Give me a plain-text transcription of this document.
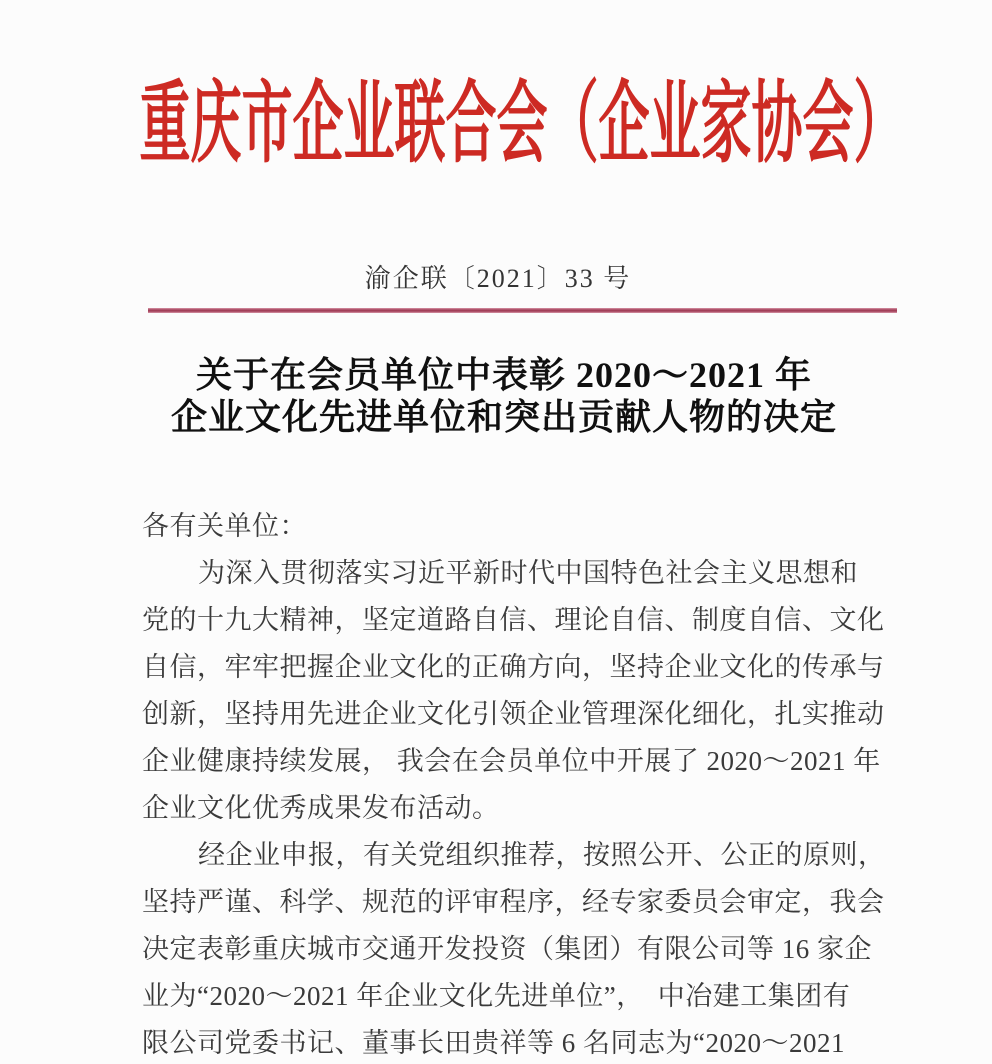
重庆市企业联合会（企业家协会）
渝企联〔2021〕33 号
关于在会员单位中表彰 2020～2021 年
企业文化先进单位和突出贡献人物的决定
各有关单位：
为深入贯彻落实习近平新时代中国特色社会主义思想和
党的十九大精神，坚定道路自信、理论自信、制度自信、文化
自信，牢牢把握企业文化的正确方向，坚持企业文化的传承与
创新，坚持用先进企业文化引领企业管理深化细化，扎实推动
企业健康持续发展， 我会在会员单位中开展了 2020～2021 年
企业文化优秀成果发布活动。
经企业申报，有关党组织推荐，按照公开、公正的原则，
坚持严谨、科学、规范的评审程序，经专家委员会审定，我会
决定表彰重庆城市交通开发投资（集团）有限公司等 16 家企
业为“2020～2021 年企业文化先进单位”，　中冶建工集团有
限公司党委书记、董事长田贵祥等 6 名同志为“2020～2021
